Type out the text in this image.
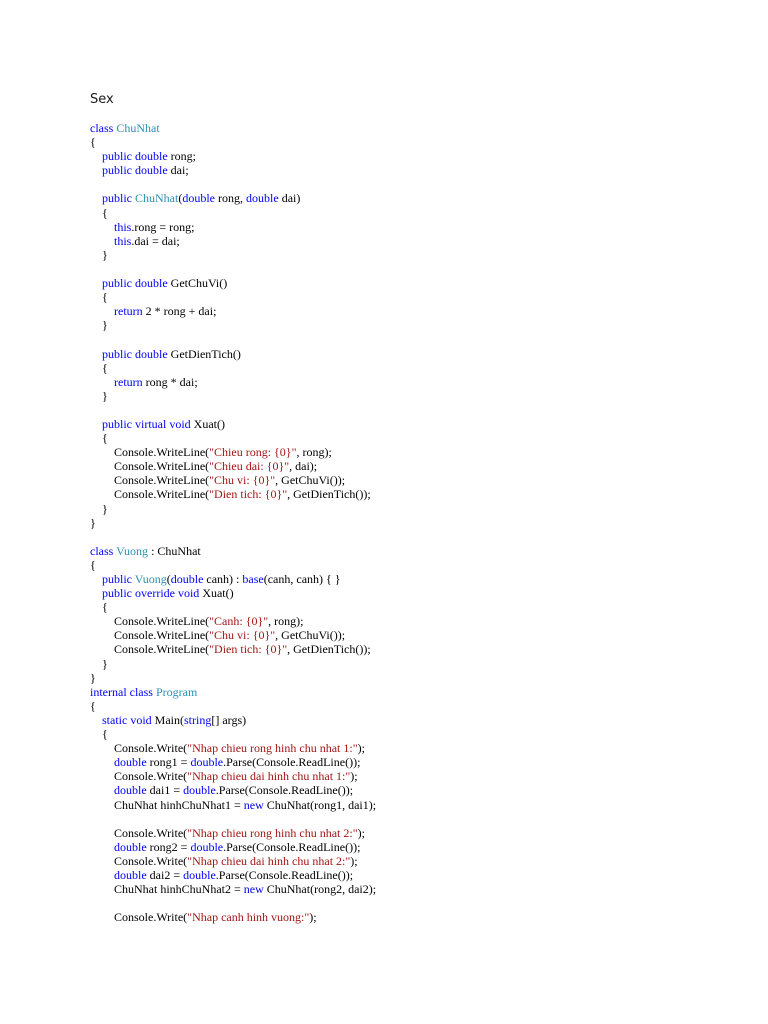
Sex
class ChuNhat
{
public double rong;
public double dai;
public ChuNhat(double rong, double dai)
{
this.rong = rong;
this.dai = dai;
}
public double GetChuVi()
{
return 2 * rong + dai;
}
public double GetDienTich()
{
return rong * dai;
}
public virtual void Xuat()
{
Console.WriteLine("Chieu rong: {0}", rong);
Console.WriteLine("Chieu dai: {0}", dai);
Console.WriteLine("Chu vi: {0}", GetChuVi());
Console.WriteLine("Dien tich: {0}", GetDienTich());
}
}
class Vuong : ChuNhat
{
public Vuong(double canh) : base(canh, canh) { }
public override void Xuat()
{
Console.WriteLine("Canh: {0}", rong);
Console.WriteLine("Chu vi: {0}", GetChuVi());
Console.WriteLine("Dien tich: {0}", GetDienTich());
}
}
internal class Program
{
static void Main(string[] args)
{
Console.Write("Nhap chieu rong hinh chu nhat 1:");
double rong1 = double.Parse(Console.ReadLine());
Console.Write("Nhap chieu dai hinh chu nhat 1:");
double dai1 = double.Parse(Console.ReadLine());
ChuNhat hinhChuNhat1 = new ChuNhat(rong1, dai1);
Console.Write("Nhap chieu rong hinh chu nhat 2:");
double rong2 = double.Parse(Console.ReadLine());
Console.Write("Nhap chieu dai hinh chu nhat 2:");
double dai2 = double.Parse(Console.ReadLine());
ChuNhat hinhChuNhat2 = new ChuNhat(rong2, dai2);
Console.Write("Nhap canh hinh vuong:");
